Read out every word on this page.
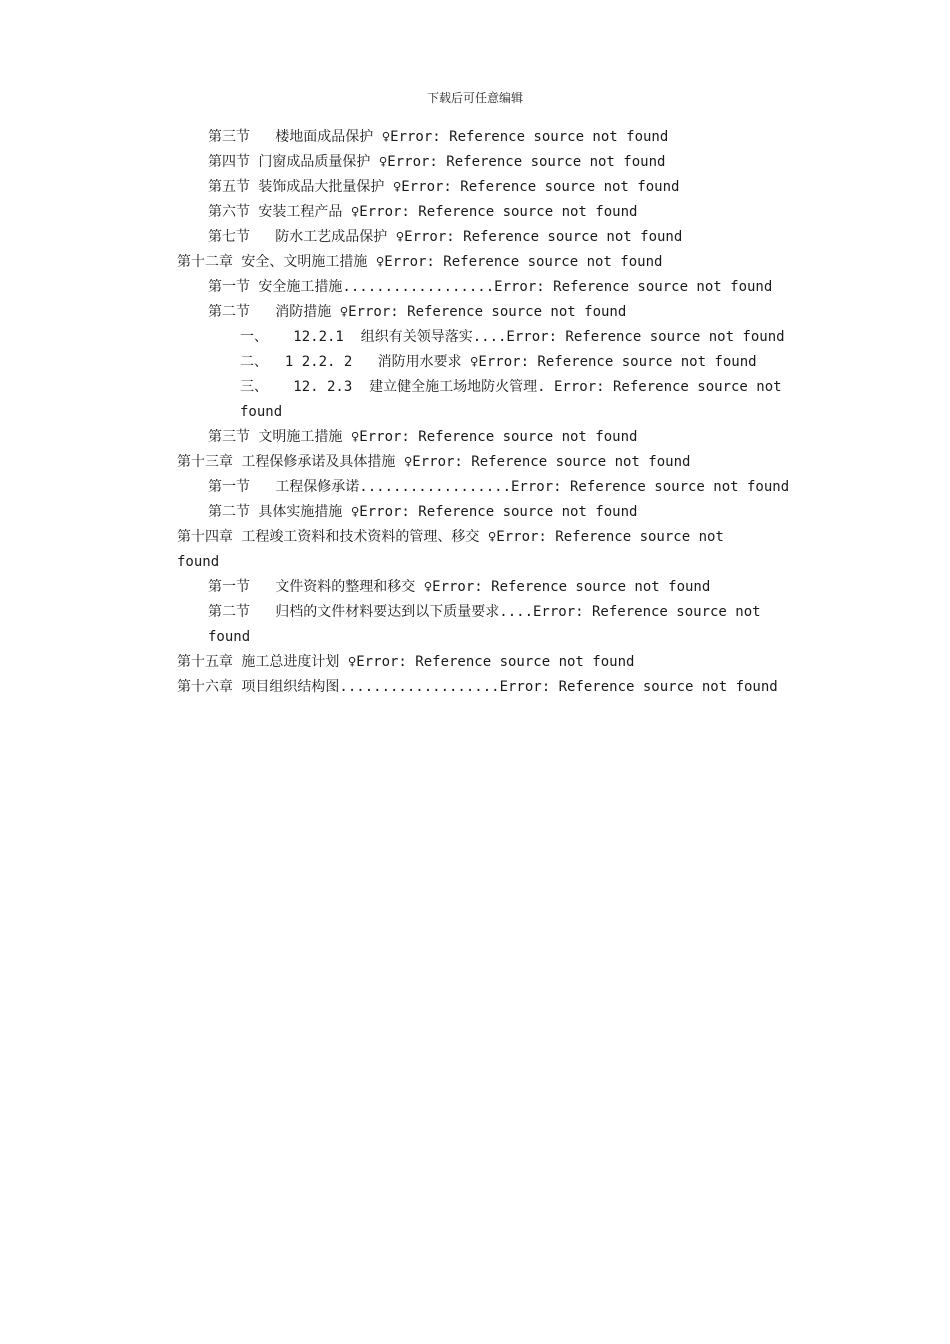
下载后可任意编辑
第三节   楼地面成品保护 ♀Error: Reference source not found
第四节 门窗成品质量保护 ♀Error: Reference source not found
第五节 装饰成品大批量保护 ♀Error: Reference source not found
第六节 安装工程产品 ♀Error: Reference source not found
第七节   防水工艺成品保护 ♀Error: Reference source not found
第十二章 安全、文明施工措施 ♀Error: Reference source not found
第一节 安全施工措施..................Error: Reference source not found
第二节   消防措施 ♀Error: Reference source not found
一、   12.2.1  组织有关领导落实....Error: Reference source not found
二、  1 2.2. 2   消防用水要求 ♀Error: Reference source not found
三、   12. 2.3  建立健全施工场地防火管理. Error: Reference source not
found
第三节 文明施工措施 ♀Error: Reference source not found
第十三章 工程保修承诺及具体措施 ♀Error: Reference source not found
第一节   工程保修承诺..................Error: Reference source not found
第二节 具体实施措施 ♀Error: Reference source not found
第十四章 工程竣工资料和技术资料的管理、移交 ♀Error: Reference source not
found
第一节   文件资料的整理和移交 ♀Error: Reference source not found
第二节   归档的文件材料要达到以下质量要求....Error: Reference source not
found
第十五章 施工总进度计划 ♀Error: Reference source not found
第十六章 项目组织结构图...................Error: Reference source not found
